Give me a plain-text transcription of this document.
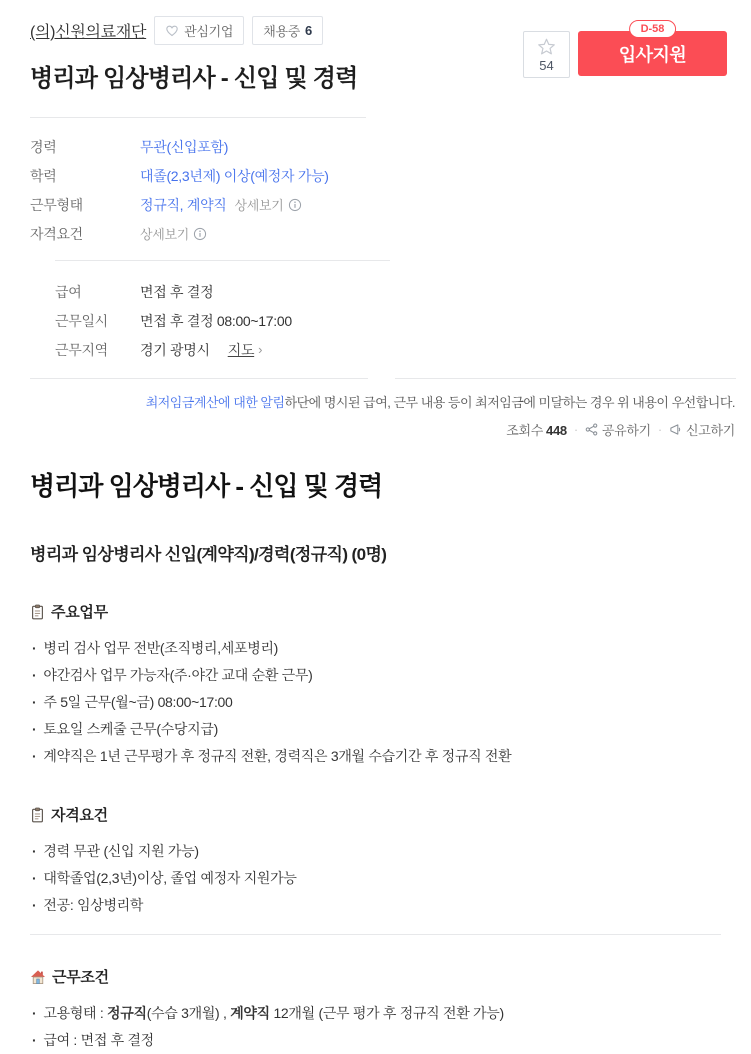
(의)신원의료재단	관심기업 채용중 6
병리과 임상병리사 - 신입 및 경력	54
D-58
입사지원
경력	무관(신입포함)
학력	대졸(2,3년제) 이상(예정자 가능)
근무형태	정규직, 계약직 상세보기
자격요건	상세보기
급여	면접 후 결정
근무일시	면접 후 결정 08:00~17:00
근무지역	경기 광명시 지도 ›
최저임금계산에 대한 알림하단에 명시된 급여, 근무 내용 등이 최저임금에 미달하는 경우 위 내용이 우선합니다.
조회수 448 · 공유하기 · 신고하기
병리과 임상병리사 - 신입 및 경력
병리과 임상병리사 신입(계약직)/경력(정규직) (0명)
주요업무
· 병리 검사 업무 전반(조직병리,세포병리)
· 야간검사 업무 가능자(주·야간 교대 순환 근무)
· 주 5일 근무(월~금) 08:00~17:00
· 토요일 스케줄 근무(수당지급)
· 계약직은 1년 근무평가 후 정규직 전환, 경력직은 3개월 수습기간 후 정규직 전환
자격요건
· 경력 무관 (신입 지원 가능)
· 대학졸업(2,3년)이상, 졸업 예정자 지원가능
· 전공: 임상병리학
근무조건
· 고용형태 : 정규직(수습 3개월) , 계약직 12개월 (근무 평가 후 정규직 전환 가능)
· 급여 : 면접 후 결정
